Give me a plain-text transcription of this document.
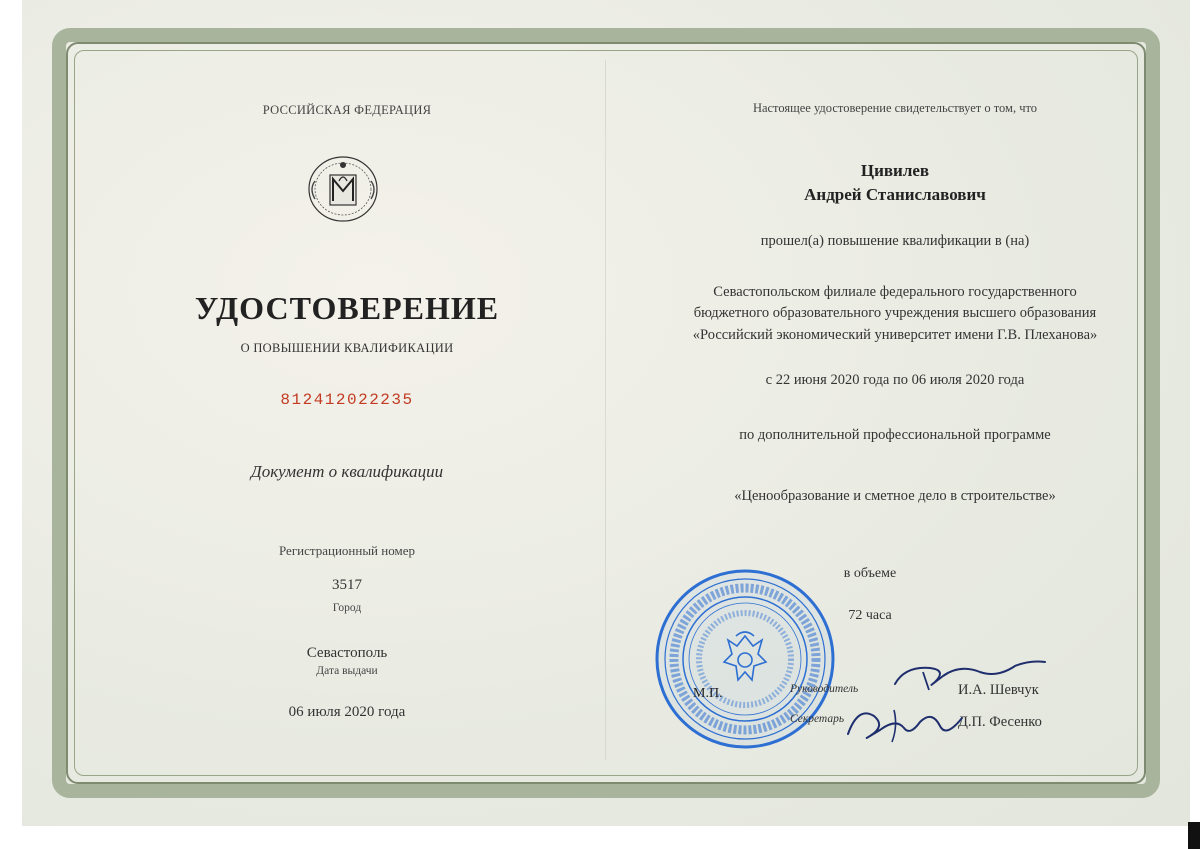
РОССИЙСКАЯ ФЕДЕРАЦИЯ
УДОСТОВЕРЕНИЕ
О ПОВЫШЕНИИ КВАЛИФИКАЦИИ
812412022235
Документ о квалификации
Регистрационный номер
3517
Город
Севастополь
Дата выдачи
06 июля 2020 года
Настоящее удостоверение свидетельствует о том, что
Цивилев
Андрей Станиславович
прошел(а) повышение квалификации в (на)
Севастопольском филиале федерального государственного
бюджетного образовательного учреждения высшего образования
«Российский экономический университет имени Г.В. Плеханова»
с 22 июня 2020 года по 06 июля 2020 года
по дополнительной профессиональной программе
«Ценообразование и сметное дело в строительстве»
в объеме
72 часа
М.П.	Руководитель	И.А. Шевчук
Секретарь	Д.П. Фесенко
